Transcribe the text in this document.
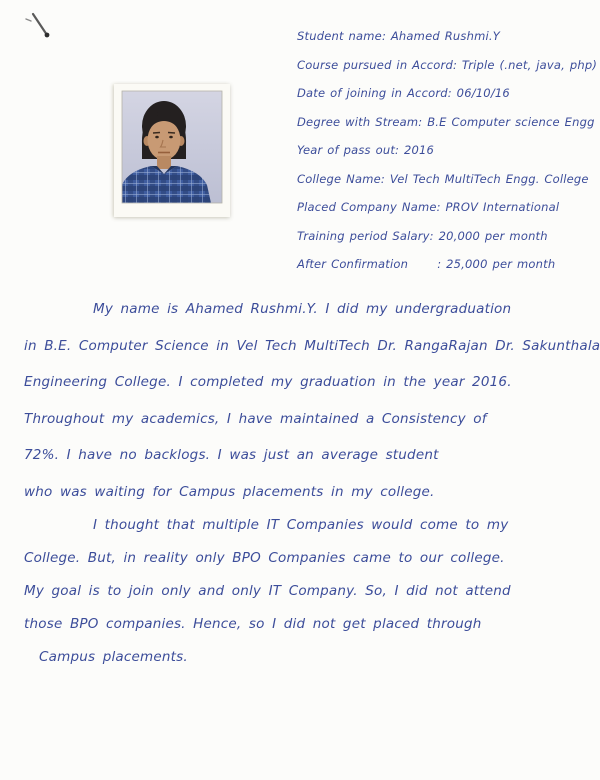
Student name: Ahamed Rushmi.Y
Course pursued in Accord: Triple (.net, java, php)
Date of joining in Accord: 06/10/16
Degree with Stream: B.E Computer science Engg
Year of pass out: 2016
College Name: Vel Tech MultiTech Engg. College
Placed Company Name: PROV International
Training period Salary: 20,000 per month
After Confirmation      : 25,000 per month
My name is Ahamed Rushmi.Y. I did my undergraduation
in B.E. Computer Science in Vel Tech MultiTech Dr. RangaRajan Dr. Sakunthala
Engineering College. I completed my graduation in the year 2016.
Throughout my academics, I have maintained a Consistency of
72%. I have no backlogs. I was just an average student
who was waiting for Campus placements in my college.
I thought that multiple IT Companies would come to my
College. But, in reality only BPO Companies came to our college.
My goal is to join only and only IT Company. So, I did not attend
those BPO companies. Hence, so I did not get placed through
Campus placements.
